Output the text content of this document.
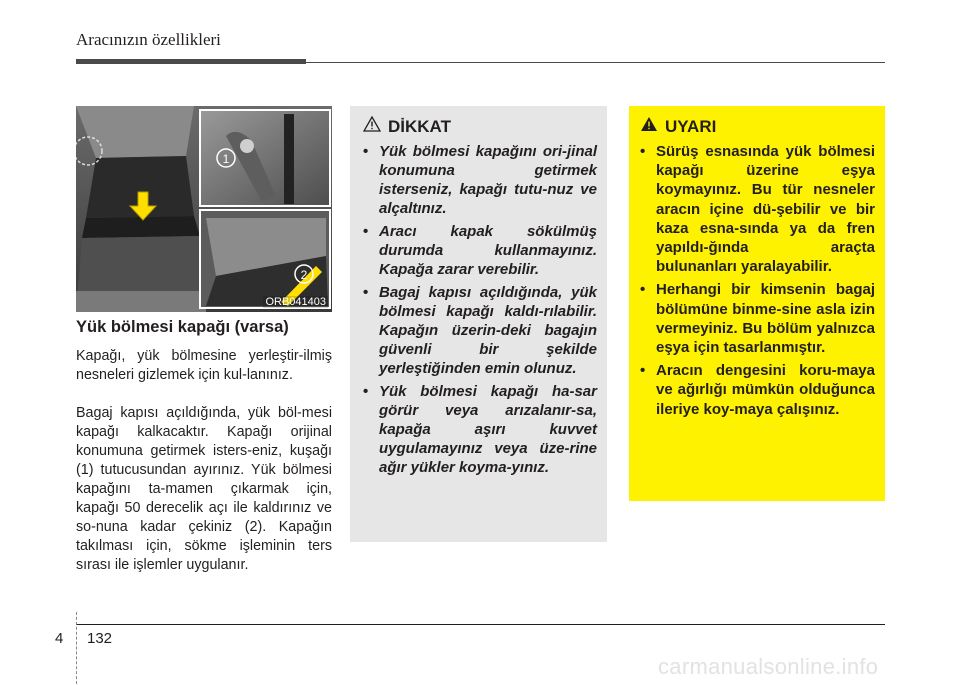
Aracınızın özellikleri
1
2
ORB041403
Yük bölmesi kapağı (varsa)
Kapağı, yük bölmesine yerleştir-ilmiş nesneleri gizlemek için kul-lanınız.
Bagaj kapısı açıldığında, yük böl-mesi kapağı kalkacaktır. Kapağı orijinal konumuna getirmek isters-eniz, kuşağı (1) tutucusundan ayırınız. Yük bölmesi kapağını ta-mamen çıkarmak için, kapağı 50 derecelik açı ile kaldırınız ve so-nuna kadar çekiniz (2). Kapağın takılması için, sökme işleminin ters sırası ile işlemler uygulanır.
DİKKAT
• Yük bölmesi kapağını ori-jinal konumuna getirmek isterseniz, kapağı tutu-nuz ve alçaltınız.
• Aracı kapak sökülmüş durumda kullanmayınız. Kapağa zarar verebilir.
• Bagaj kapısı açıldığında, yük bölmesi kapağı kaldı-rılabilir. Kapağın üzerin-deki bagajın güvenli bir şekilde yerleştiğinden emin olunuz.
• Yük bölmesi kapağı ha-sar görür veya arızalanır-sa, kapağa aşırı kuvvet uygulamayınız veya üze-rine ağır yükler koyma-yınız.
UYARI
• Sürüş esnasında yük bölmesi kapağı üzerine eşya koymayınız. Bu tür nesneler aracın içine dü-şebilir ve bir kaza esna-sında ya da fren yapıldı-ğında araçta bulunanları yaralayabilir.
• Herhangi bir kimsenin bagaj bölümüne binme-sine asla izin vermeyiniz. Bu bölüm yalnızca eşya için tasarlanmıştır.
• Aracın dengesini koru-maya ve ağırlığı mümkün olduğunca ileriye koy-maya çalışınız.
4 132
carmanualsonline.info
